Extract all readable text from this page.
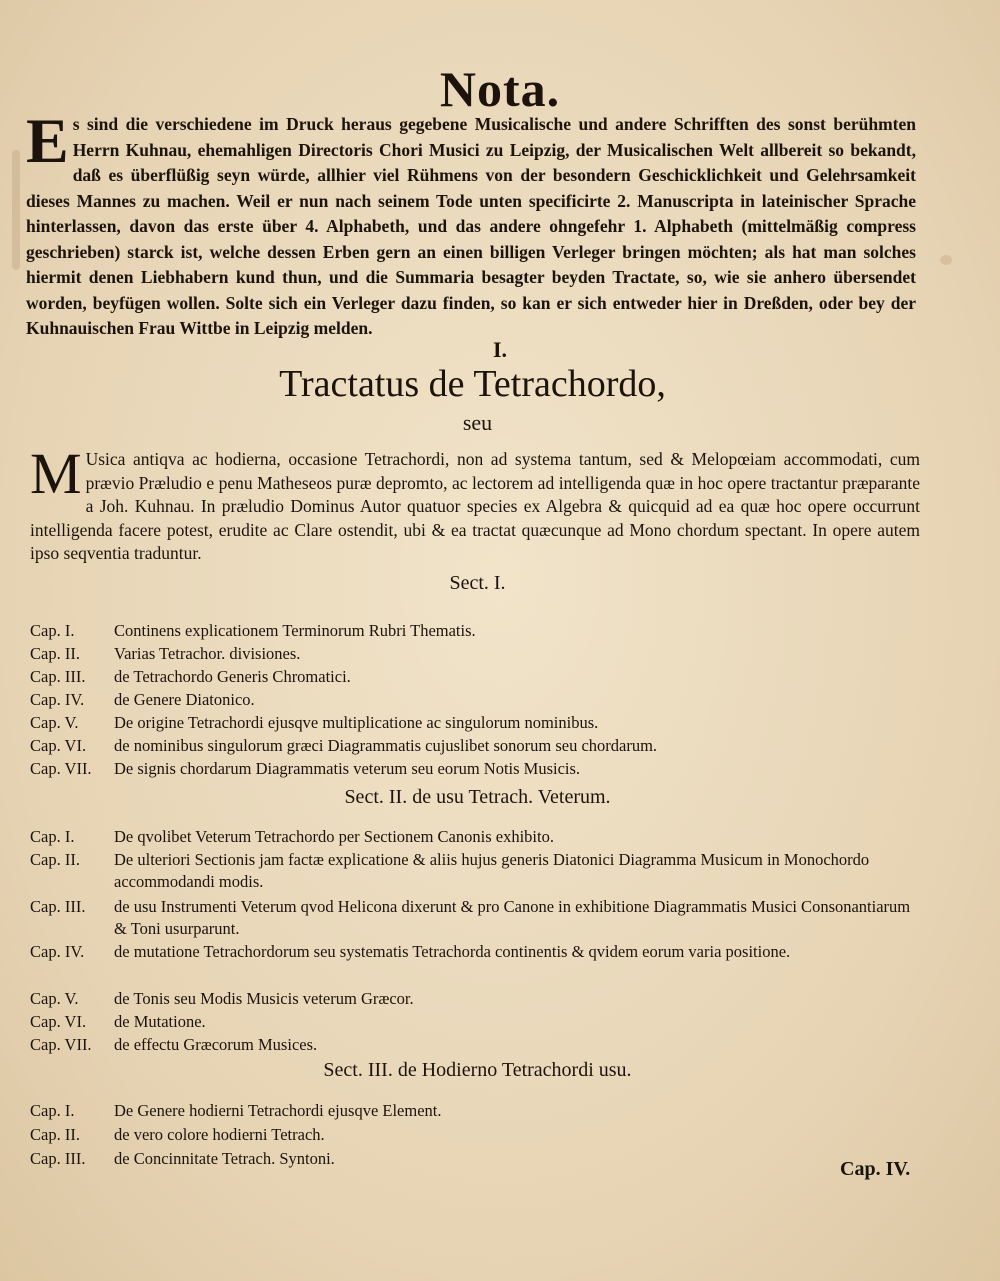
Nota.
Es sind die verschiedene im Druck heraus gegebene Musicalische und andere Schrifften des sonst berühmten Herrn Kuhnau, ehemahligen Directoris Chori Musici zu Leipzig, der Musicalischen Welt allbereit so bekandt, daß es überflüßig seyn würde, allhier viel Rühmens von der besondern Geschicklichkeit und Gelehrsamkeit dieses Mannes zu machen. Weil er nun nach seinem Tode unten specificirte 2. Manuscripta in lateinischer Sprache hinterlassen, davon das erste über 4. Alphabeth, und das andere ohngefehr 1. Alphabeth (mittelmäßig compress geschrieben) starck ist, welche dessen Erben gern an einen billigen Verleger bringen möchten; als hat man solches hiermit denen Liebhabern kund thun, und die Summaria besagter beyden Tractate, so, wie sie anhero übersendet worden, beyfügen wollen. Solte sich ein Verleger dazu finden, so kan er sich entweder hier in Dreßden, oder bey der Kuhnauischen Frau Wittbe in Leipzig melden.
I.
Tractatus de Tetrachordo,
seu
M Usica antiqva ac hodierna, occasione Tetrachordi, non ad systema tantum, sed & Melopœiam accommodati, cum prævio Præludio e penu Matheseos puræ depromto, ac lectorem ad intelligenda quæ in hoc opere tractantur præparante a Joh. Kuhnau. In præludio Dominus Autor quatuor species ex Algebra & quicquid ad ea quæ hoc opere occurrunt intelligenda facere potest, erudite ac Clare ostendit, ubi & ea tractat quæcunque ad Mono chordum spectant. In opere autem ipso seqventia traduntur.
Sect. I.
Cap. I. Continens explicationem Terminorum Rubri Thematis.
Cap. II. Varias Tetrachor. divisiones.
Cap. III. de Tetrachordo Generis Chromatici.
Cap. IV. de Genere Diatonico.
Cap. V. De origine Tetrachordi ejusqve multiplicatione ac singulorum nominibus.
Cap. VI. de nominibus singulorum græci Diagrammatis cujuslibet sonorum seu chordarum.
Cap. VII. De signis chordarum Diagrammatis veterum seu eorum Notis Musicis.
Sect. II. de usu Tetrach. Veterum.
Cap. I. De qvolibet Veterum Tetrachordo per Sectionem Canonis exhibito.
Cap. II. De ulteriori Sectionis jam factæ explicatione & aliis hujus generis Diatonici Diagramma Musicum in Monochordo accommodandi modis.
Cap. III. de usu Instrumenti Veterum qvod Helicona dixerunt & pro Canone in exhibitione Diagrammatis Musici Consonantiarum & Toni usurparunt.
Cap. IV. de mutatione Tetrachordorum seu systematis Tetrachorda continentis & qvidem eorum varia positione.
Cap. V. de Tonis seu Modis Musicis veterum Græcor.
Cap. VI. de Mutatione.
Cap. VII. de effectu Græcorum Musices.
Sect. III. de Hodierno Tetrachordi usu.
Cap. I. De Genere hodierni Tetrachordi ejusqve Element.
Cap. II. de vero colore hodierni Tetrach.
Cap. III. de Concinnitate Tetrach. Syntoni.	Cap. IV.
